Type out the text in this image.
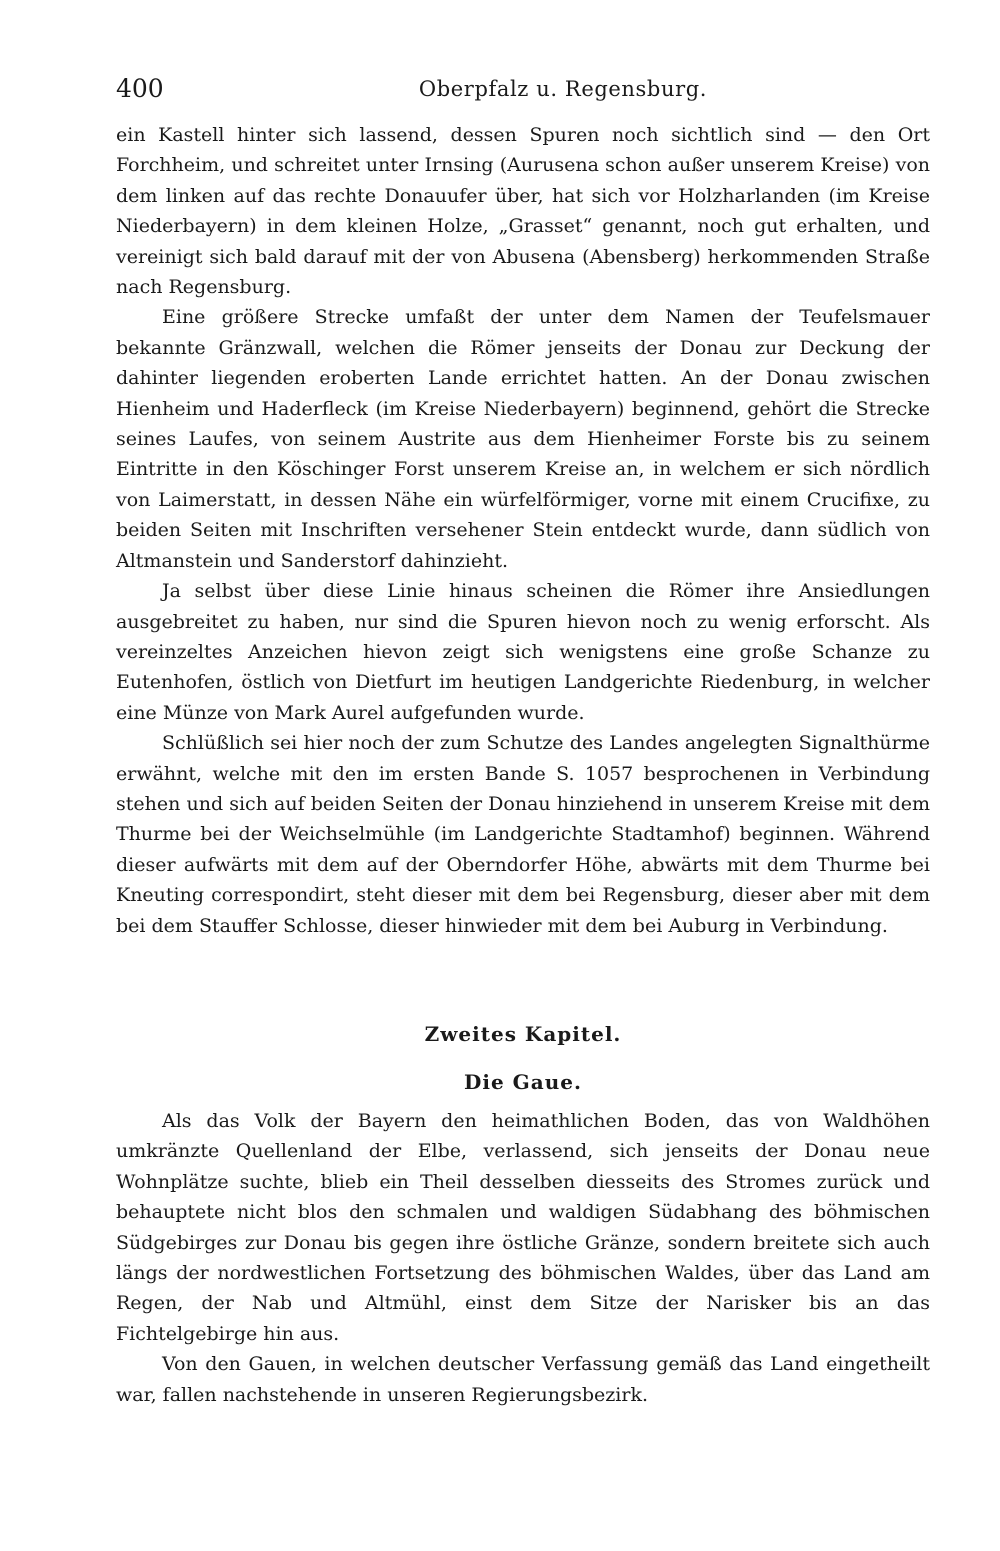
400	Oberpfalz u. Regensburg.

ein Kastell hinter sich lassend, dessen Spuren noch sichtlich sind — den Ort Forchheim, und schreitet unter Irnsing (Aurusena schon außer unserem Kreise) von dem linken auf das rechte Donauufer über, hat sich vor Holzharlanden (im Kreise Niederbayern) in dem kleinen Holze, „Grasset“ genannt, noch gut erhalten, und vereinigt sich bald darauf mit der von Abusena (Abensberg) herkommenden Straße nach Regensburg.

Eine größere Strecke umfaßt der unter dem Namen der Teufelsmauer bekannte Gränzwall, welchen die Römer jenseits der Donau zur Deckung der dahinter liegenden eroberten Lande errichtet hatten. An der Donau zwischen Hienheim und Haderfleck (im Kreise Niederbayern) beginnend, gehört die Strecke seines Laufes, von seinem Austrite aus dem Hienheimer Forste bis zu seinem Eintritte in den Köschinger Forst unserem Kreise an, in welchem er sich nördlich von Laimerstatt, in dessen Nähe ein würfelförmiger, vorne mit einem Crucifixe, zu beiden Seiten mit Inschriften versehener Stein entdeckt wurde, dann südlich von Altmanstein und Sanderstorf dahinzieht.

Ja selbst über diese Linie hinaus scheinen die Römer ihre Ansiedlungen ausgebreitet zu haben, nur sind die Spuren hievon noch zu wenig erforscht. Als vereinzeltes Anzeichen hievon zeigt sich wenigstens eine große Schanze zu Eutenhofen, östlich von Dietfurt im heutigen Landgerichte Riedenburg, in welcher eine Münze von Mark Aurel aufgefunden wurde.

Schlüßlich sei hier noch der zum Schutze des Landes angelegten Signalthürme erwähnt, welche mit den im ersten Bande S. 1057 besprochenen in Verbindung stehen und sich auf beiden Seiten der Donau hinziehend in unserem Kreise mit dem Thurme bei der Weichselmühle (im Landgerichte Stadtamhof) beginnen. Während dieser aufwärts mit dem auf der Oberndorfer Höhe, abwärts mit dem Thurme bei Kneuting correspondirt, steht dieser mit dem bei Regensburg, dieser aber mit dem bei dem Stauffer Schlosse, dieser hinwieder mit dem bei Auburg in Verbindung.

Zweites Kapitel.
Die Gaue.

Als das Volk der Bayern den heimathlichen Boden, das von Waldhöhen umkränzte Quellenland der Elbe, verlassend, sich jenseits der Donau neue Wohnplätze suchte, blieb ein Theil desselben diesseits des Stromes zurück und behauptete nicht blos den schmalen und waldigen Südabhang des böhmischen Südgebirges zur Donau bis gegen ihre östliche Gränze, sondern breitete sich auch längs der nordwestlichen Fortsetzung des böhmischen Waldes, über das Land am Regen, der Nab und Altmühl, einst dem Sitze der Narisker bis an das Fichtelgebirge hin aus.

Von den Gauen, in welchen deutscher Verfassung gemäß das Land eingetheilt war, fallen nachstehende in unseren Regierungsbezirk.
